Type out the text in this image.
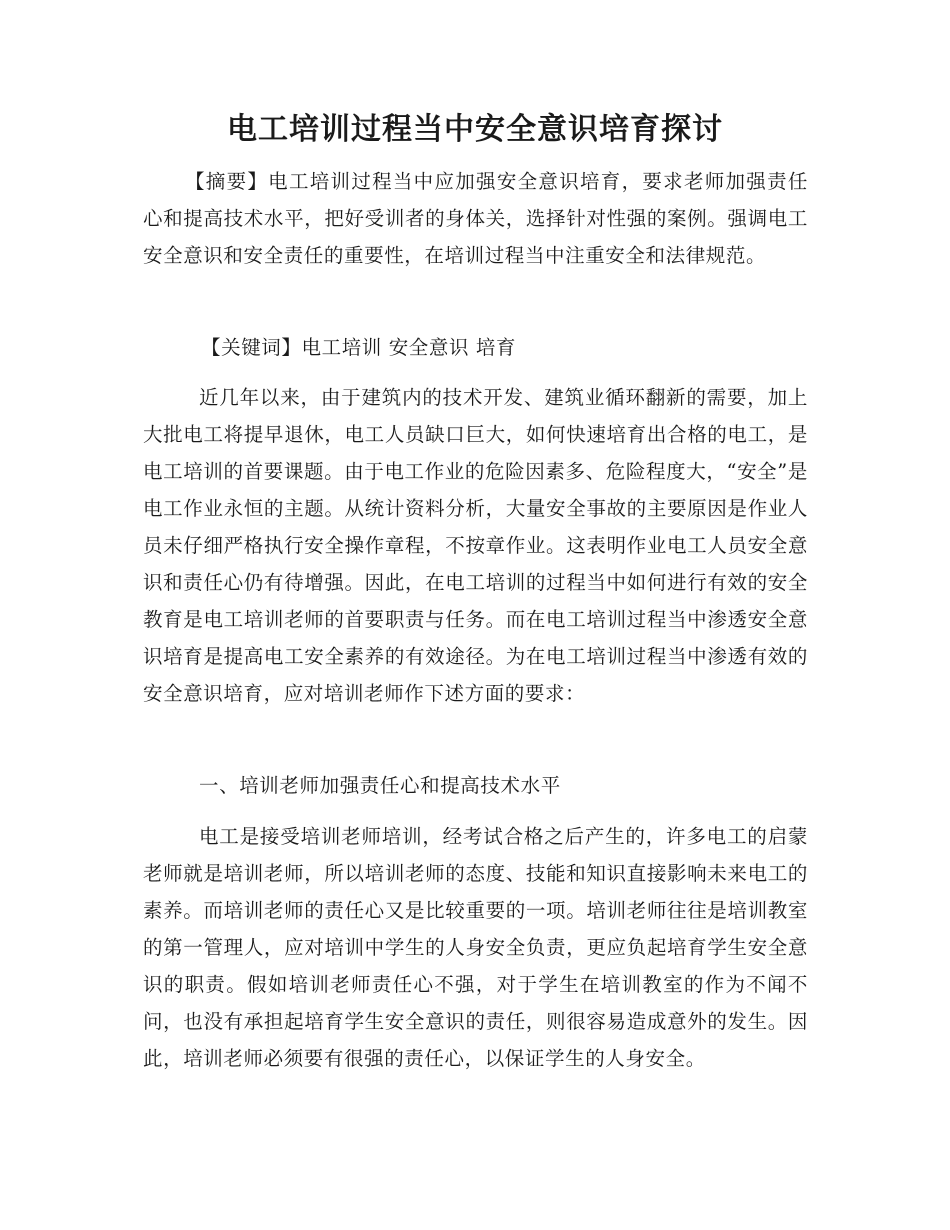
电工培训过程当中安全意识培育探讨

【摘要】电工培训过程当中应加强安全意识培育，要求老师加强责任心和提高技术水平，把好受训者的身体关，选择针对性强的案例。强调电工安全意识和安全责任的重要性，在培训过程当中注重安全和法律规范。

【关键词】电工培训 安全意识 培育

近几年以来，由于建筑内的技术开发、建筑业循环翻新的需要，加上大批电工将提早退休，电工人员缺口巨大，如何快速培育出合格的电工，是电工培训的首要课题。由于电工作业的危险因素多、危险程度大，“安全”是电工作业永恒的主题。从统计资料分析，大量安全事故的主要原因是作业人员未仔细严格执行安全操作章程，不按章作业。这表明作业电工人员安全意识和责任心仍有待增强。因此，在电工培训的过程当中如何进行有效的安全教育是电工培训老师的首要职责与任务。而在电工培训过程当中渗透安全意识培育是提高电工安全素养的有效途径。为在电工培训过程当中渗透有效的安全意识培育，应对培训老师作下述方面的要求：

一、培训老师加强责任心和提高技术水平

电工是接受培训老师培训，经考试合格之后产生的，许多电工的启蒙老师就是培训老师，所以培训老师的态度、技能和知识直接影响未来电工的素养。而培训老师的责任心又是比较重要的一项。培训老师往往是培训教室的第一管理人，应对培训中学生的人身安全负责，更应负起培育学生安全意识的职责。假如培训老师责任心不强，对于学生在培训教室的作为不闻不问，也没有承担起培育学生安全意识的责任，则很容易造成意外的发生。因此，培训老师必须要有很强的责任心，以保证学生的人身安全。
